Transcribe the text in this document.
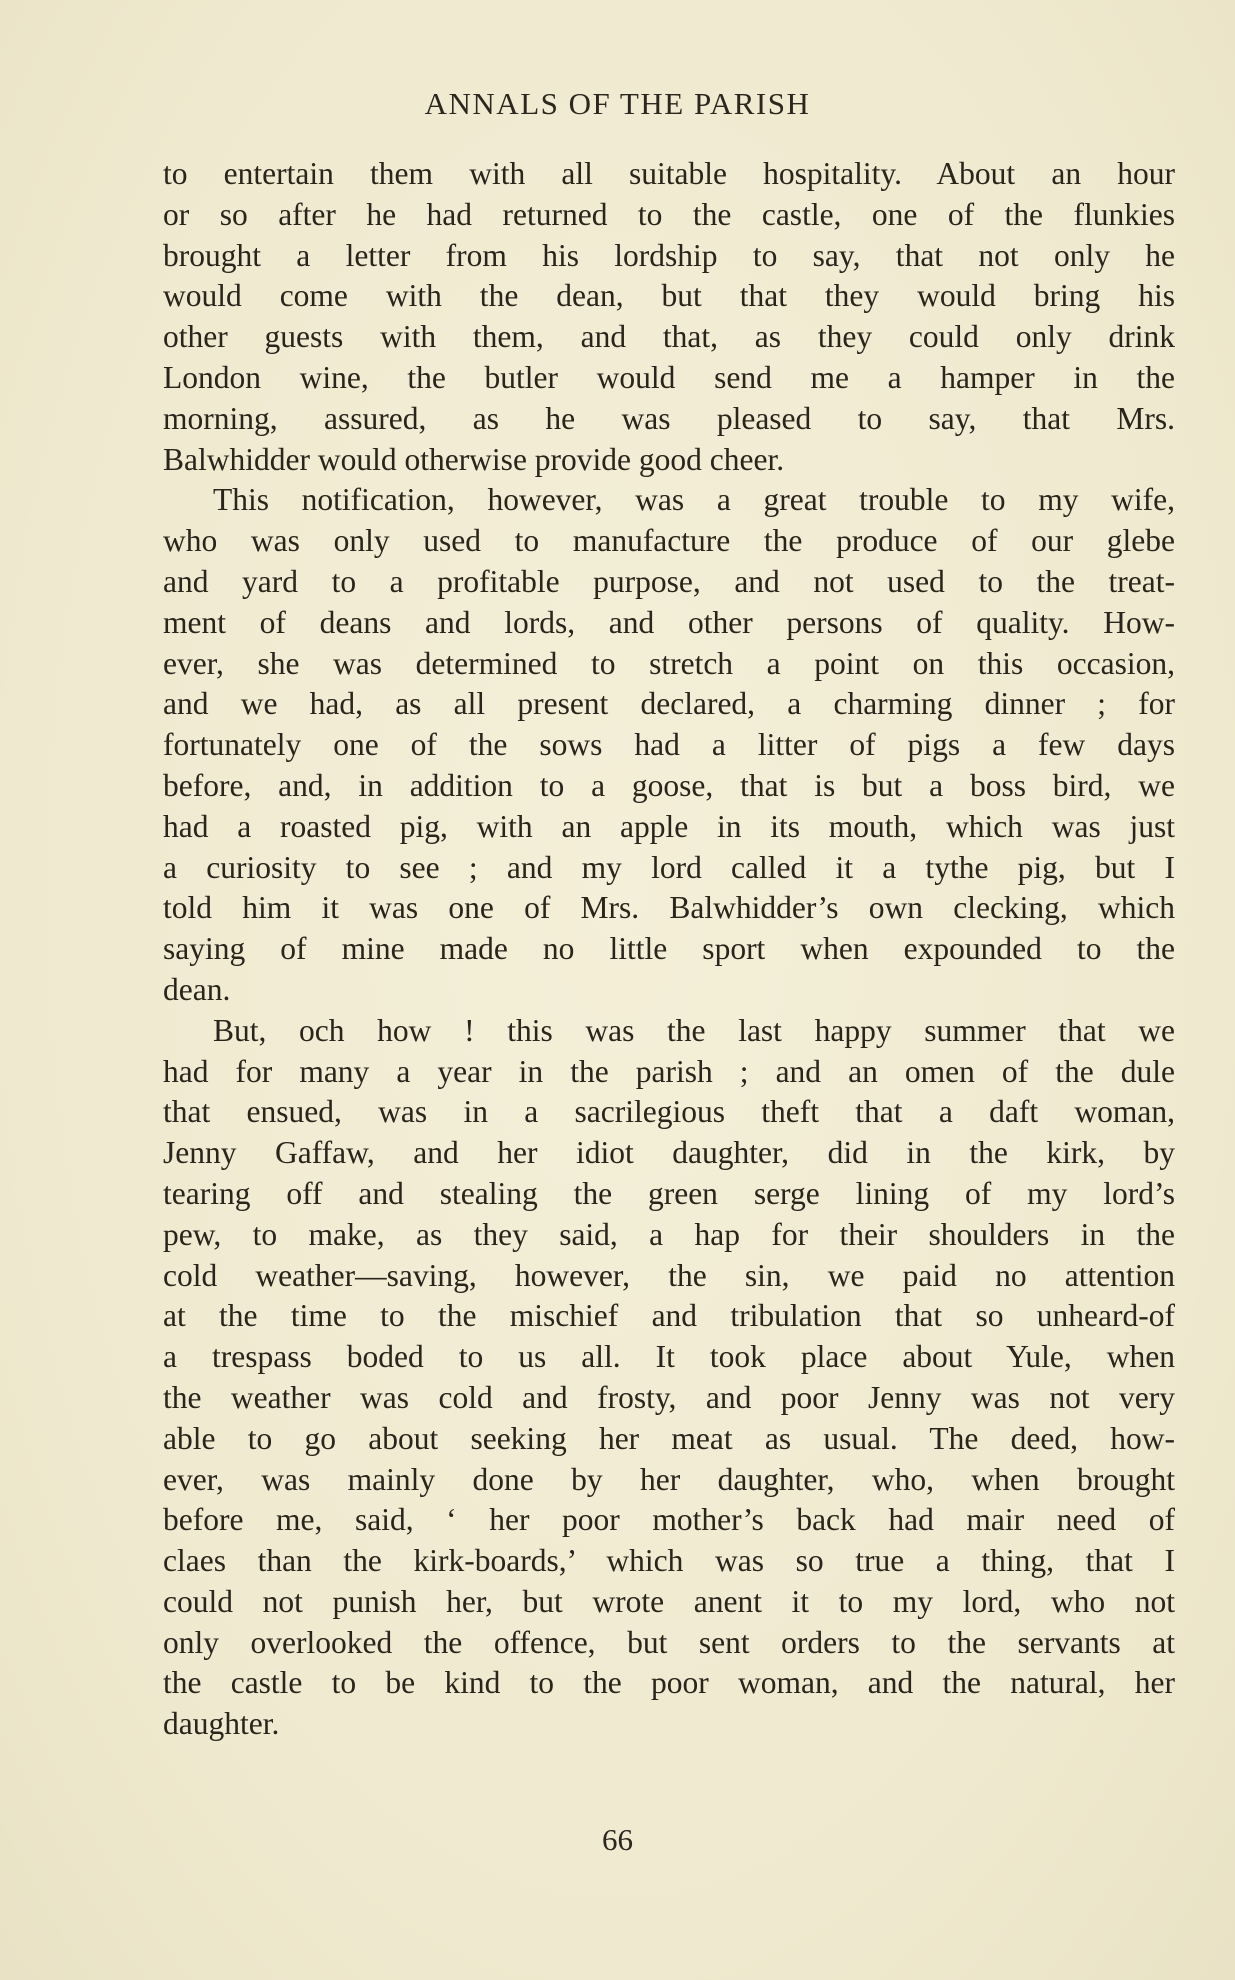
ANNALS OF THE PARISH
to entertain them with all suitable hospitality. About an hour
or so after he had returned to the castle, one of the flunkies
brought a letter from his lordship to say, that not only he
would come with the dean, but that they would bring his
other guests with them, and that, as they could only drink
London wine, the butler would send me a hamper in the
morning, assured, as he was pleased to say, that Mrs.
Balwhidder would otherwise provide good cheer.
This notification, however, was a great trouble to my wife,
who was only used to manufacture the produce of our glebe
and yard to a profitable purpose, and not used to the treat-
ment of deans and lords, and other persons of quality. How-
ever, she was determined to stretch a point on this occasion,
and we had, as all present declared, a charming dinner ; for
fortunately one of the sows had a litter of pigs a few days
before, and, in addition to a goose, that is but a boss bird, we
had a roasted pig, with an apple in its mouth, which was just
a curiosity to see ; and my lord called it a tythe pig, but I
told him it was one of Mrs. Balwhidder’s own clecking, which
saying of mine made no little sport when expounded to the
dean.
But, och how ! this was the last happy summer that we
had for many a year in the parish ; and an omen of the dule
that ensued, was in a sacrilegious theft that a daft woman,
Jenny Gaffaw, and her idiot daughter, did in the kirk, by
tearing off and stealing the green serge lining of my lord’s
pew, to make, as they said, a hap for their shoulders in the
cold weather—saving, however, the sin, we paid no attention
at the time to the mischief and tribulation that so unheard-of
a trespass boded to us all. It took place about Yule, when
the weather was cold and frosty, and poor Jenny was not very
able to go about seeking her meat as usual. The deed, how-
ever, was mainly done by her daughter, who, when brought
before me, said, ‘ her poor mother’s back had mair need of
claes than the kirk-boards,’ which was so true a thing, that I
could not punish her, but wrote anent it to my lord, who not
only overlooked the offence, but sent orders to the servants at
the castle to be kind to the poor woman, and the natural, her
daughter.
66
